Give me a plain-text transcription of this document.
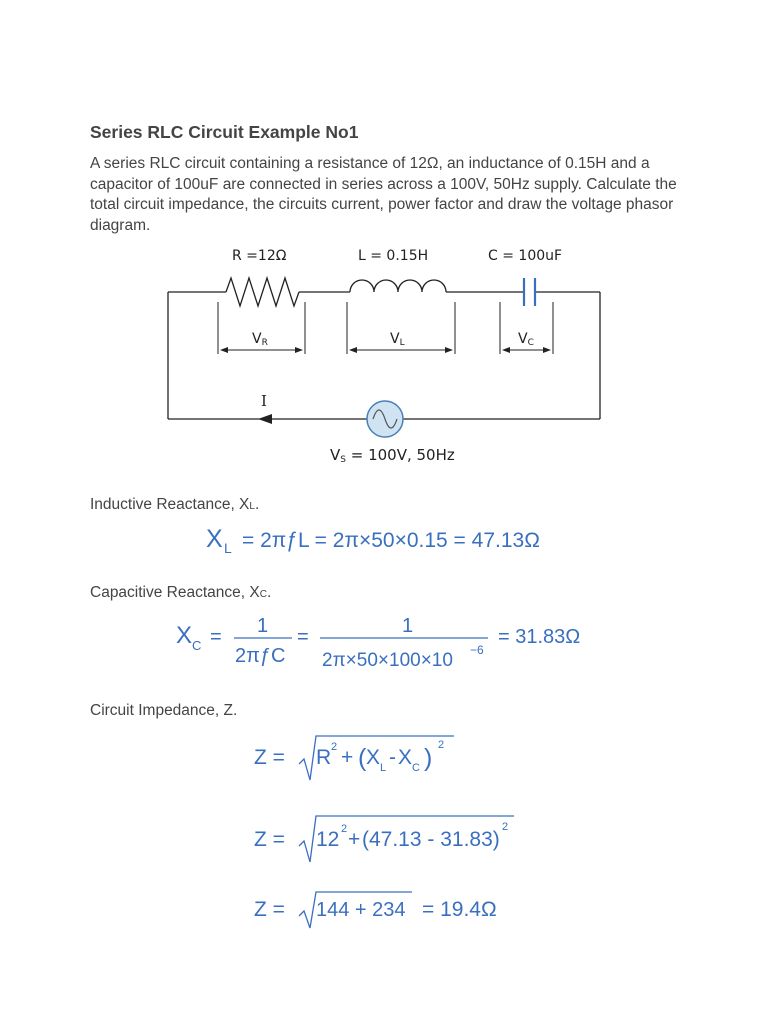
Series RLC Circuit Example No1
A series RLC circuit containing a resistance of 12Ω, an inductance of 0.15H and a capacitor of 100uF are connected in series across a 100V, 50Hz supply. Calculate the total circuit impedance, the circuits current, power factor and draw the voltage phasor diagram.
R =12Ω	L = 0.15H	C = 100uF
VR	VL	VC
I
VS = 100V, 50Hz
Inductive Reactance, XL.
X L = 2πƒL = 2π×50×0.15 = 47.13Ω
Capacitive Reactance, XC.
X C = 1
2πƒC
=	1
2π×50×100×10 −6
= 31.83Ω
Circuit Impedance, Z.
Z = R 2 + ( X L - X C ) 2
Z = 12 2 + (47.13 - 31.83)
2
Z = 144 + 234 = 19.4Ω
